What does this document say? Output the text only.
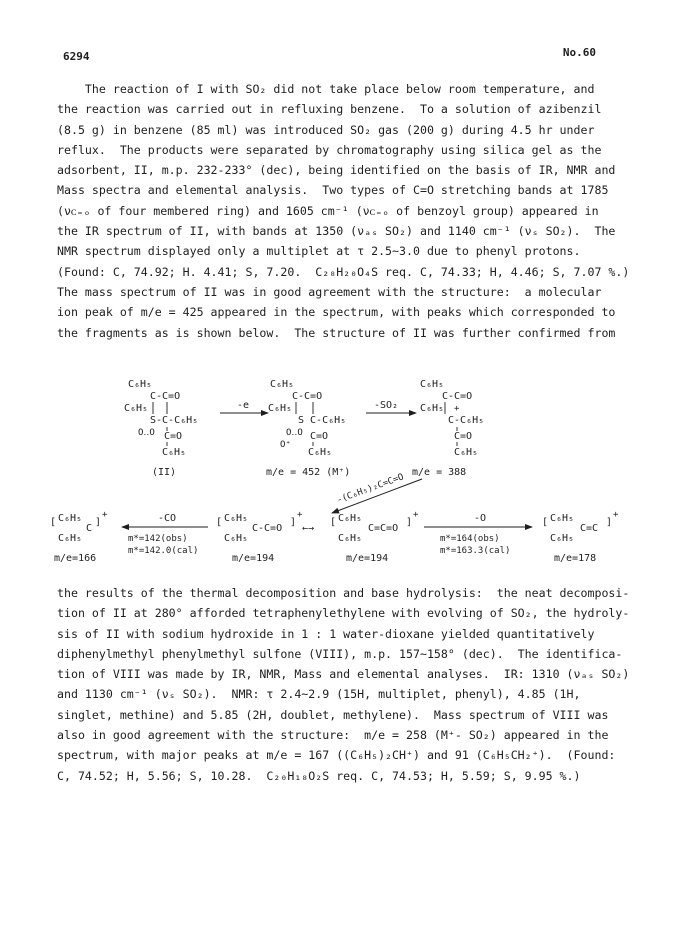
6294	No.60
The reaction of I with SO₂ did not take place below room temperature, and
the reaction was carried out in refluxing benzene.  To a solution of azibenzil
(8.5 g) in benzene (85 ml) was introduced SO₂ gas (200 g) during 4.5 hr under
reflux.  The products were separated by chromatography using silica gel as the
adsorbent, II, m.p. 232-233° (dec), being identified on the basis of IR, NMR and
Mass spectra and elemental analysis.  Two types of C=O stretching bands at 1785
(νᴄ₌ₒ of four membered ring) and 1605 cm⁻¹ (νᴄ₌ₒ of benzoyl group) appeared in
the IR spectrum of II, with bands at 1350 (νₐₛ SO₂) and 1140 cm⁻¹ (νₛ SO₂).  The
NMR spectrum displayed only a multiplet at τ 2.5~3.0 due to phenyl protons.
(Found: C, 74.92; H. 4.41; S, 7.20.  C₂₈H₂₀O₄S req. C, 74.33; H, 4.46; S, 7.07 %.)
The mass spectrum of II was in good agreement with the structure:  a molecular
ion peak of m/e = 425 appeared in the spectrum, with peaks which corresponded to
the fragments as is shown below.  The structure of II was further confirmed from
C₆H₅
C-C=O
C₆H₅
S-C-C₆H₅
O‥O C=O
C₆H₅
(II)
-e
C₆H₅
C-C=O
C₆H₅
S C-C₆H₅
O‥O
O⁺
C=O
C₆H₅
m/e = 452 (M⁺)
-SO₂
C₆H₅
C-C=O
C₆H₅ +
C-C₆H₅
C=O
C₆H₅
m/e = 388
-(C₆H₅)₂C=C=O
[ C₆H₅
C₆H₅
C
]
+
m/e=166
-CO
m*=142(obs)
m*=142.0(cal)
[ C₆H₅
C₆H₅
C-C=O
]
+
m/e=194
←→
[ C₆H₅
C₆H₅
C=C=O
]
+
m/e=194
-O
m*=164(obs)
m*=163.3(cal)
[ C₆H₅
C₆H₅
C=C
]
+
m/e=178
the results of the thermal decomposition and base hydrolysis:  the neat decomposi-
tion of II at 280° afforded tetraphenylethylene with evolving of SO₂, the hydroly-
sis of II with sodium hydroxide in 1 : 1 water-dioxane yielded quantitatively
diphenylmethyl phenylmethyl sulfone (VIII), m.p. 157~158° (dec).  The identifica-
tion of VIII was made by IR, NMR, Mass and elemental analyses.  IR: 1310 (νₐₛ SO₂)
and 1130 cm⁻¹ (νₛ SO₂).  NMR: τ 2.4~2.9 (15H, multiplet, phenyl), 4.85 (1H,
singlet, methine) and 5.85 (2H, doublet, methylene).  Mass spectrum of VIII was
also in good agreement with the structure:  m/e = 258 (M⁺- SO₂) appeared in the
spectrum, with major peaks at m/e = 167 ((C₆H₅)₂CH⁺) and 91 (C₆H₅CH₂⁺).  (Found:
C, 74.52; H, 5.56; S, 10.28.  C₂₀H₁₈O₂S req. C, 74.53; H, 5.59; S, 9.95 %.)
